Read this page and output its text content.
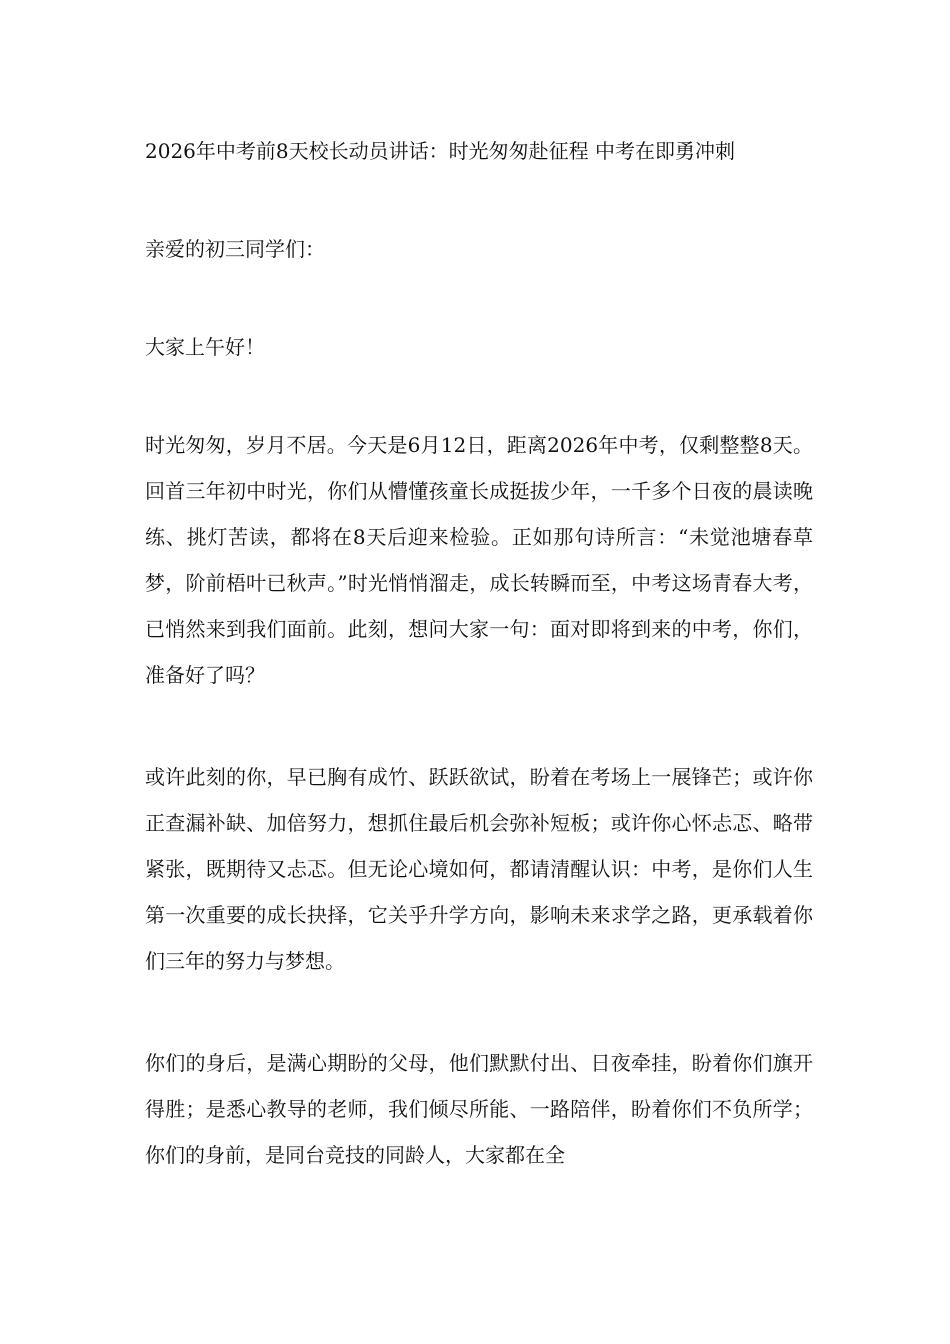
2026年中考前8天校长动员讲话：时光匆匆赴征程 中考在即勇冲刺

亲爱的初三同学们：

大家上午好！

时光匆匆，岁月不居。今天是6月12日，距离2026年中考，仅剩整整8天。回首三年初中时光，你们从懵懂孩童长成挺拔少年，一千多个日夜的晨读晚练、挑灯苦读，都将在8天后迎来检验。正如那句诗所言：“未觉池塘春草梦，阶前梧叶已秋声。”时光悄悄溜走，成长转瞬而至，中考这场青春大考，已悄然来到我们面前。此刻，想问大家一句：面对即将到来的中考，你们，准备好了吗？

或许此刻的你，早已胸有成竹、跃跃欲试，盼着在考场上一展锋芒；或许你正查漏补缺、加倍努力，想抓住最后机会弥补短板；或许你心怀忐忑、略带紧张，既期待又忐忑。但无论心境如何，都请清醒认识：中考，是你们人生第一次重要的成长抉择，它关乎升学方向，影响未来求学之路，更承载着你们三年的努力与梦想。

你们的身后，是满心期盼的父母，他们默默付出、日夜牵挂，盼着你们旗开得胜；是悉心教导的老师，我们倾尽所能、一路陪伴，盼着你们不负所学；你们的身前，是同台竞技的同龄人，大家都在全
